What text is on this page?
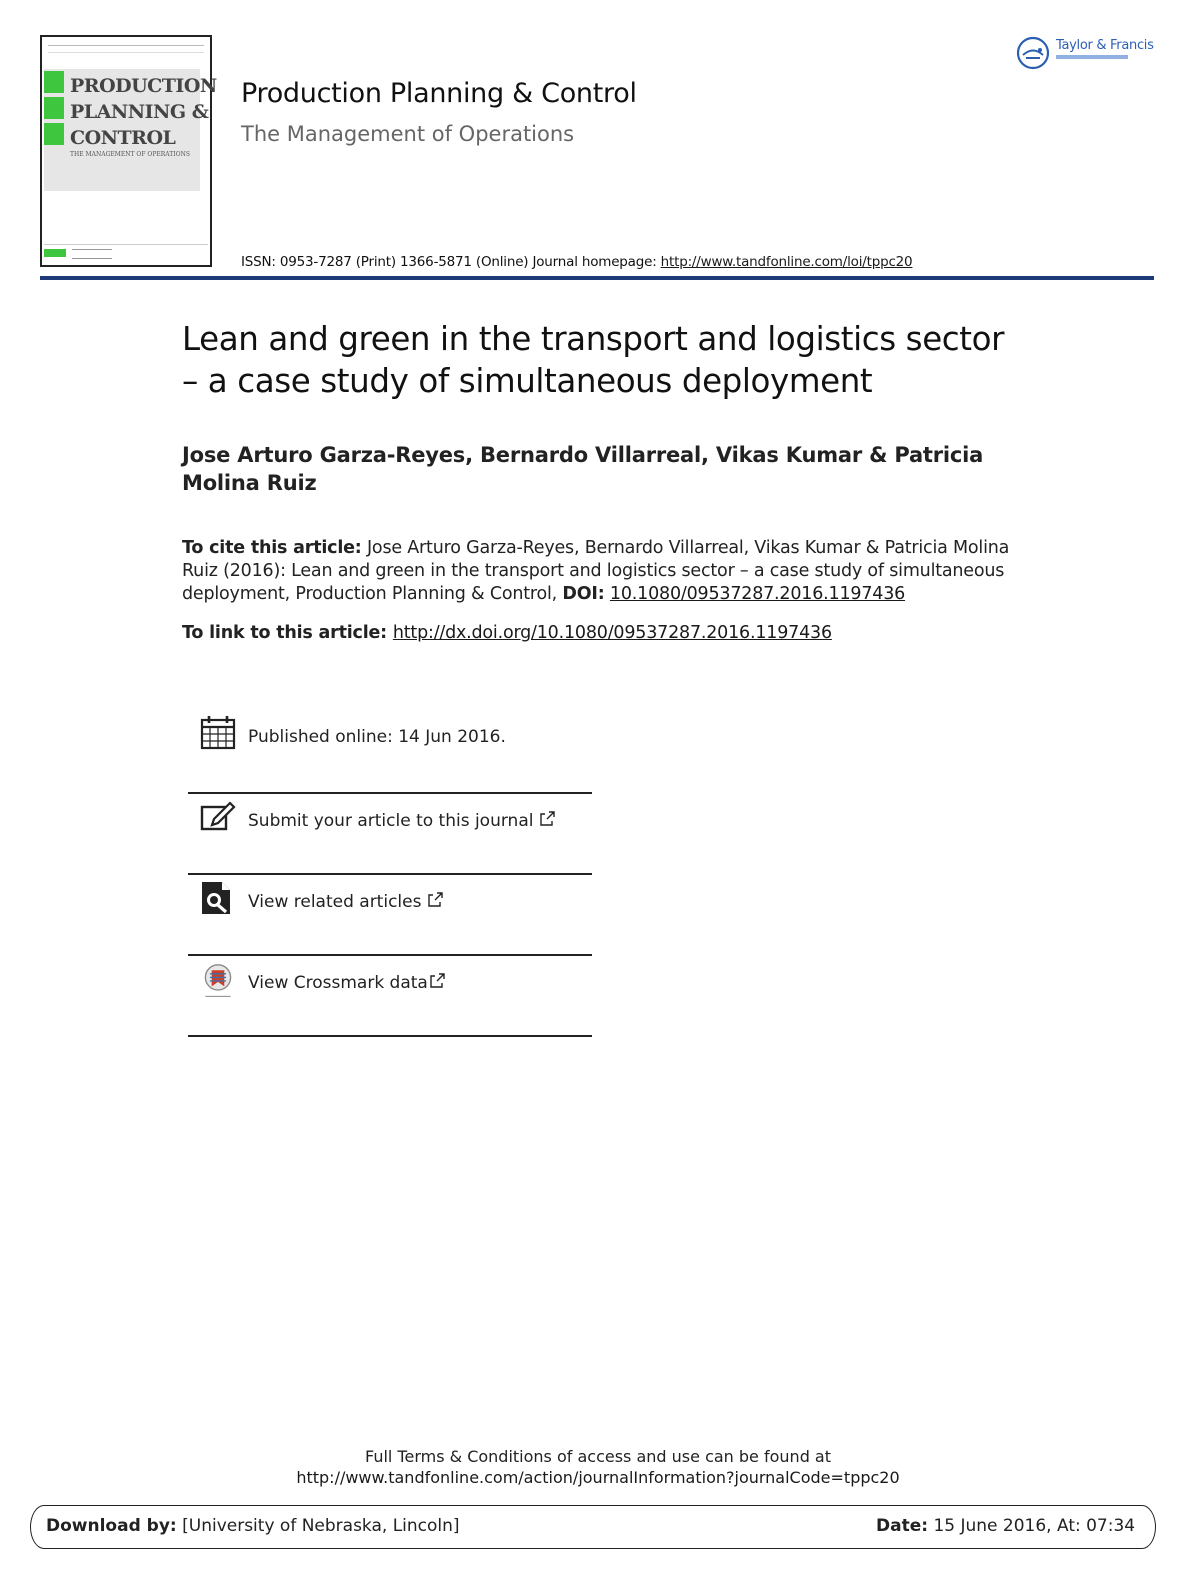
PRODUCTION
PLANNING &
CONTROL
THE MANAGEMENT OF OPERATIONS
Production Planning & Control
The Management of Operations
ISSN: 0953-7287 (Print) 1366-5871 (Online) Journal homepage: http://www.tandfonline.com/loi/tppc20
Taylor & Francis
Lean and green in the transport and logistics sector – a case study of simultaneous deployment
Jose Arturo Garza-Reyes, Bernardo Villarreal, Vikas Kumar & Patricia Molina Ruiz
To cite this article: Jose Arturo Garza-Reyes, Bernardo Villarreal, Vikas Kumar & Patricia Molina Ruiz (2016): Lean and green in the transport and logistics sector – a case study of simultaneous deployment, Production Planning & Control, DOI: 10.1080/09537287.2016.1197436
To link to this article: http://dx.doi.org/10.1080/09537287.2016.1197436
Published online: 14 Jun 2016.
Submit your article to this journal
View related articles
View Crossmark data
Full Terms & Conditions of access and use can be found at
http://www.tandfonline.com/action/journalInformation?journalCode=tppc20
Download by: [University of Nebraska, Lincoln]	Date: 15 June 2016, At: 07:34
